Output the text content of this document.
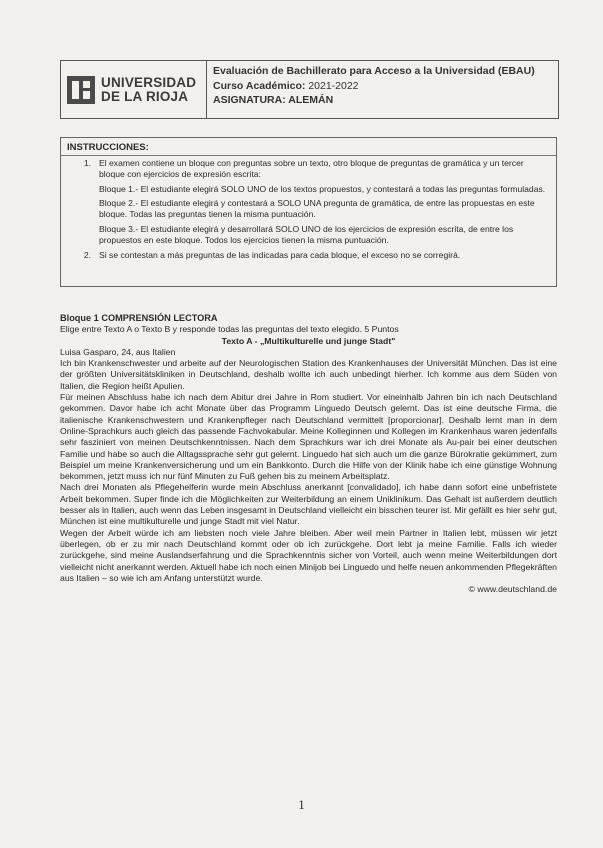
UNIVERSIDAD
DE LA RIOJA
Evaluación de Bachillerato para Acceso a la Universidad (EBAU)
Curso Académico: 2021-2022
ASIGNATURA: ALEMÁN
INSTRUCCIONES:
1. El examen contiene un bloque con preguntas sobre un texto, otro bloque de preguntas de gramática y un tercer bloque con ejercicios de expresión escrita:
Bloque 1.- El estudiante elegirá SOLO UNO de los textos propuestos, y contestará a todas las preguntas formuladas.
Bloque 2.- El estudiante elegirá y contestará a SOLO UNA pregunta de gramática, de entre las propuestas en este bloque. Todas las preguntas tienen la misma puntuación.
Bloque 3.- El estudiante elegirá y desarrollará SOLO UNO de los ejercicios de expresión escrita, de entre los propuestos en este bloque. Todos los ejercicios tienen la misma puntuación.
2. Si se contestan a más preguntas de las indicadas para cada bloque, el exceso no se corregirá.
Bloque 1 COMPRENSIÓN LECTORA
Elige entre Texto A o Texto B y responde todas las preguntas del texto elegido. 5 Puntos
Texto A - „Multikulturelle und junge Stadt"
Luisa Gasparo, 24, aus Italien

Ich bin Krankenschwester und arbeite auf der Neurologischen Station des Krankenhauses der Universität München. Das ist eine der größten Universitätskliniken in Deutschland, deshalb wollte ich auch unbedingt hierher. Ich komme aus dem Süden von Italien, die Region heißt Apulien.

Für meinen Abschluss habe ich nach dem Abitur drei Jahre in Rom studiert. Vor eineinhalb Jahren bin ich nach Deutschland gekommen. Davor habe ich acht Monate über das Programm Linguedo Deutsch gelernt. Das ist eine deutsche Firma, die italienische Krankenschwestern und Krankenpfleger nach Deutschland vermittelt [proporcionar]. Deshalb lernt man in dem Online-Sprachkurs auch gleich das passende Fachvokabular. Meine Kolleginnen und Kollegen im Krankenhaus waren jedenfalls sehr fasziniert von meinen Deutschkenntnissen. Nach dem Sprachkurs war ich drei Monate als Au-pair bei einer deutschen Familie und habe so auch die Alltagssprache sehr gut gelernt. Linguedo hat sich auch um die ganze Bürokratie gekümmert, zum Beispiel um meine Krankenversicherung und um ein Bankkonto. Durch die Hilfe von der Klinik habe ich eine günstige Wohnung bekommen, jetzt muss ich nur fünf Minuten zu Fuß gehen bis zu meinem Arbeitsplatz.

Nach drei Monaten als Pflegehelferin wurde mein Abschluss anerkannt [convalidado], ich habe dann sofort eine unbefristete Arbeit bekommen. Super finde ich die Möglichkeiten zur Weiterbildung an einem Uniklinikum. Das Gehalt ist außerdem deutlich besser als in Italien, auch wenn das Leben insgesamt in Deutschland vielleicht ein bisschen teurer ist. Mir gefällt es hier sehr gut, München ist eine multikulturelle und junge Stadt mit viel Natur.

Wegen der Arbeit würde ich am liebsten noch viele Jahre bleiben. Aber weil mein Partner in Italien lebt, müssen wir jetzt überlegen, ob er zu mir nach Deutschland kommt oder ob ich zurückgehe. Dort lebt ja meine Familie. Falls ich wieder zurückgehe, sind meine Auslandserfahrung und die Sprachkenntnis sicher von Vorteil, auch wenn meine Weiterbildungen dort vielleicht nicht anerkannt werden. Aktuell habe ich noch einen Minijob bei Linguedo und helfe neuen ankommenden Pflegekräften aus Italien – so wie ich am Anfang unterstützt wurde.

© www.deutschland.de
1
